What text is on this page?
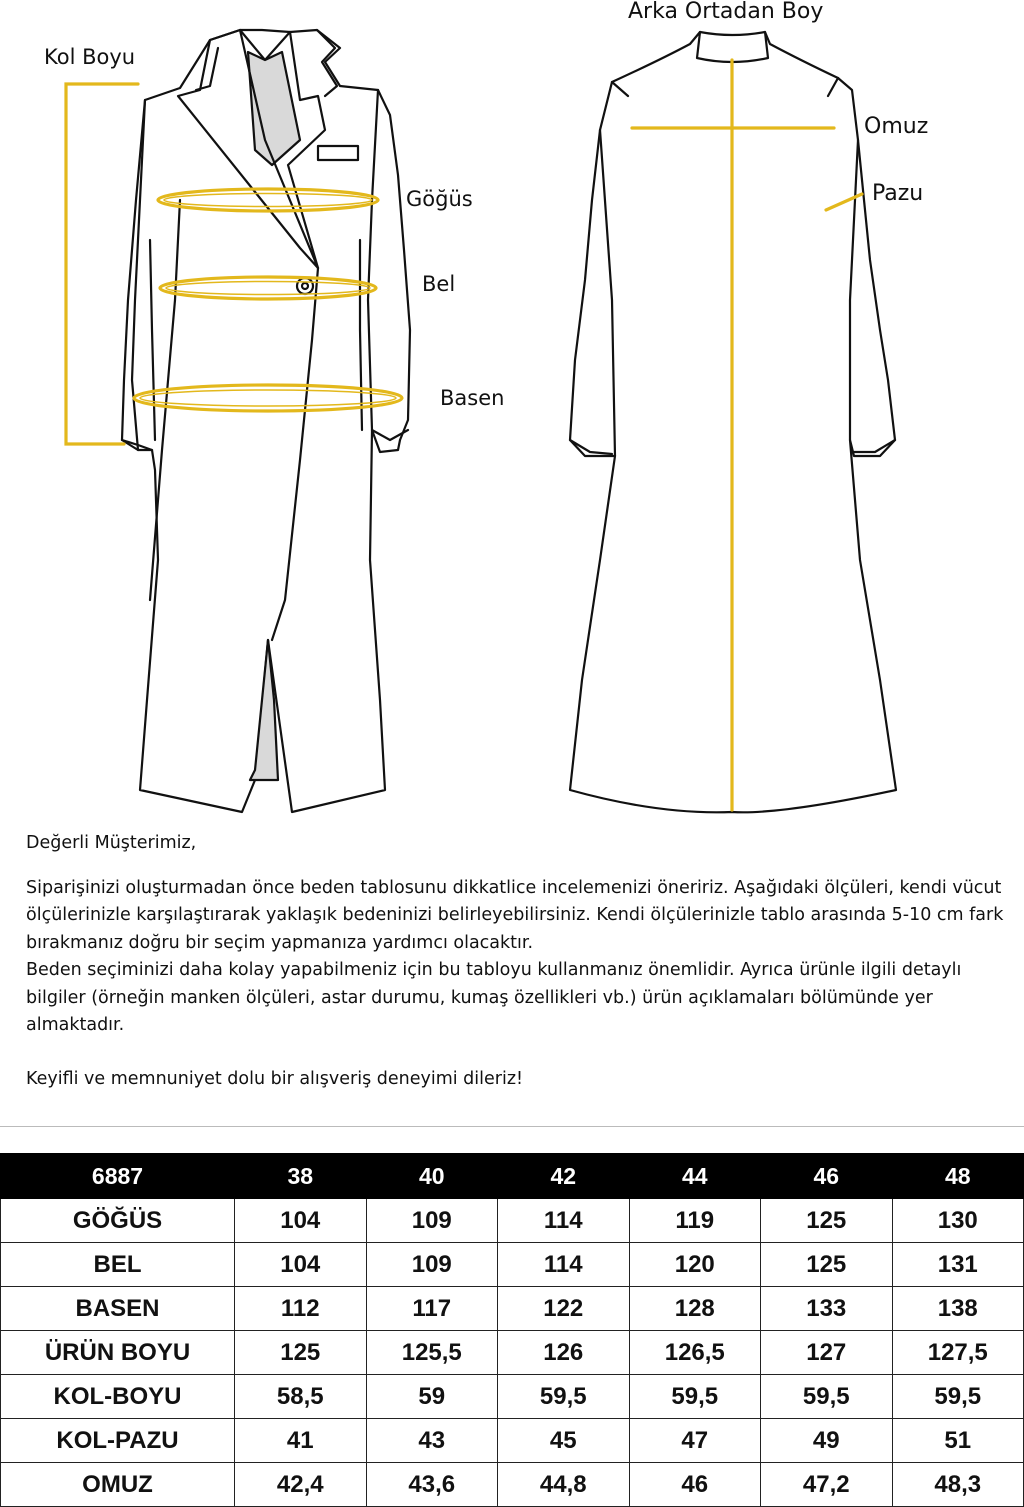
Kol Boyu
Arka Ortadan Boy
Omuz
Pazu
Göğüs
Bel
Basen

Değerli Müşterimiz,

Siparişinizi oluşturmadan önce beden tablosunu dikkatlice incelemenizi öneririz. Aşağıdaki ölçüleri, kendi vücut ölçülerinizle karşılaştırarak yaklaşık bedeninizi belirleyebilirsiniz. Kendi ölçülerinizle tablo arasında 5-10 cm fark bırakmanız doğru bir seçim yapmanıza yardımcı olacaktır.

Beden seçiminizi daha kolay yapabilmeniz için bu tabloyu kullanmanız önemlidir. Ayrıca ürünle ilgili detaylı bilgiler (örneğin manken ölçüleri, astar durumu, kumaş özellikleri vb.) ürün açıklamaları bölümünde yer almaktadır.

Keyifli ve memnuniyet dolu bir alışveriş deneyimi dileriz!

6887	38	40	42	44	46	48
GÖĞÜS	104	109	114	119	125	130
BEL	104	109	114	120	125	131
BASEN	112	117	122	128	133	138
ÜRÜN BOYU	125	125,5	126	126,5	127	127,5
KOL-BOYU	58,5	59	59,5	59,5	59,5	59,5
KOL-PAZU	41	43	45	47	49	51
OMUZ	42,4	43,6	44,8	46	47,2	48,3
